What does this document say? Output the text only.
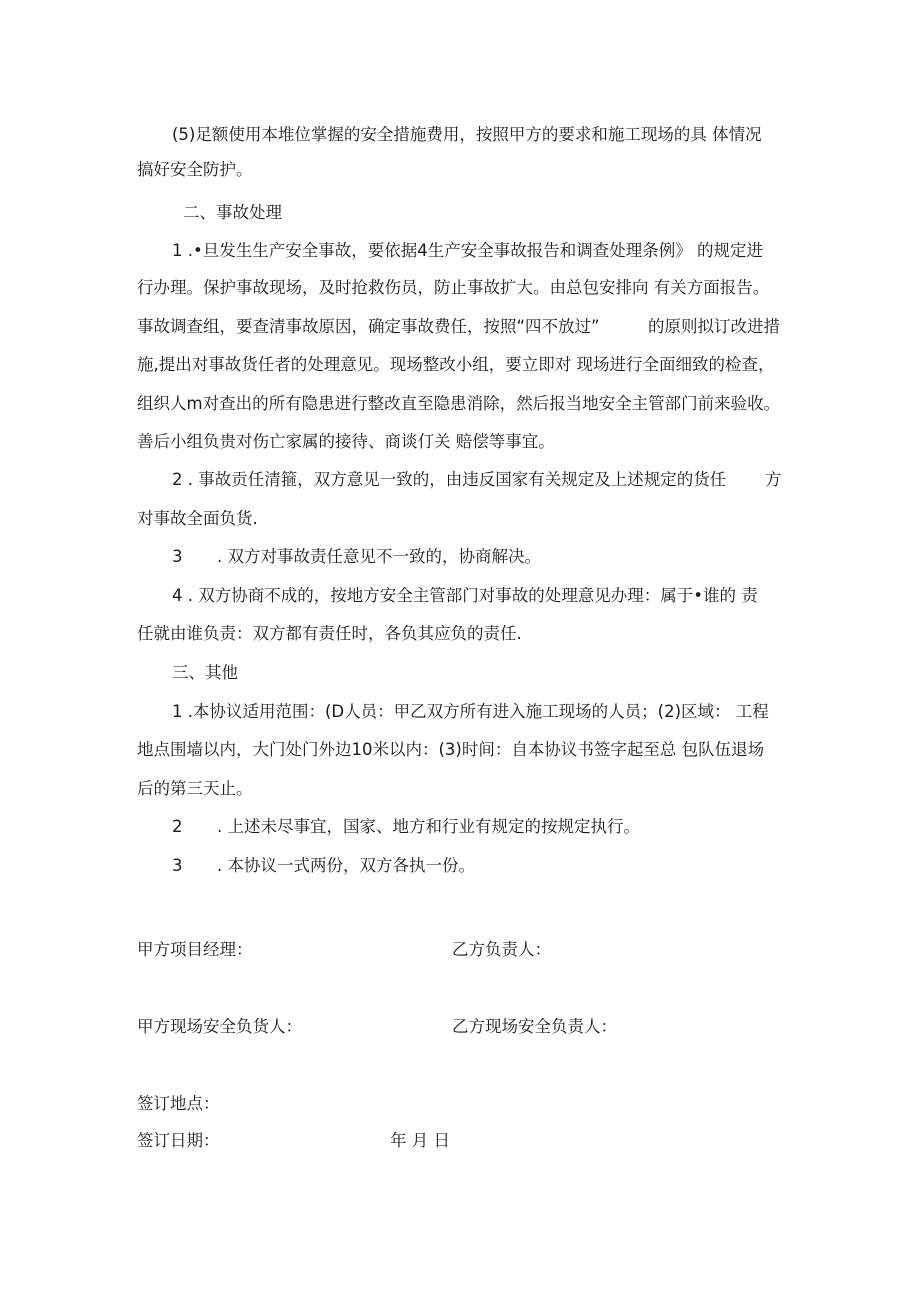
(5)足额使用本堆位掌握的安全措施费用，按照甲方的要求和施工现场的具 体情况
搞好安全防护。
二、事故处理
1 .•旦发生生产安全事故，要依据4生产安全事故报告和调查处理条例》 的规定进
行办理。保护事故现场，及时抢救伤员，防止事故扩大。由总包安排向 有关方面报告。
事故调查组，要查清事故原因，确定事故费任，按照“四不放过”	的原则拟订改进措
施,提出对事故货任者的处理意见。现场整改小组，要立即对 现场进行全面细致的检查，
组织人m对查出的所有隐患进行整改直至隐患消除，然后报当地安全主管部门前来验收。
善后小组负贵对伤亡家属的接待、商谈仃关 赔偿等事宜。
2 . 事故贡任清箍，双方意见一致的，由违反国家有关规定及上述规定的货任 方
对事故全面负货.
3 . 双方对事故责任意见不一致的，协商解决。
4 . 双方协商不成的，按地方安全主管部门对事故的处理意见办理：属于•谁的 责
任就由谁负责：双方都有责任时，各负其应负的责任.
三、其他
1 .本协议适用范围：(D人员：甲乙双方所有进入施工现场的人员；(2)区域： 工程
地点围墙以内，大门处门外边10米以内：(3)时间：自本协议书签字起至总 包队伍退场
后的第三天止。
2 . 上述未尽事宜，国家、地方和行业有规定的按规定执行。
3 . 本协议一式两份，双方各执一份。
甲方项目经理：	乙方负责人：
甲方现场安全负货人：	乙方现场安全负责人：
签订地点：
签订日期：	年 月 日
